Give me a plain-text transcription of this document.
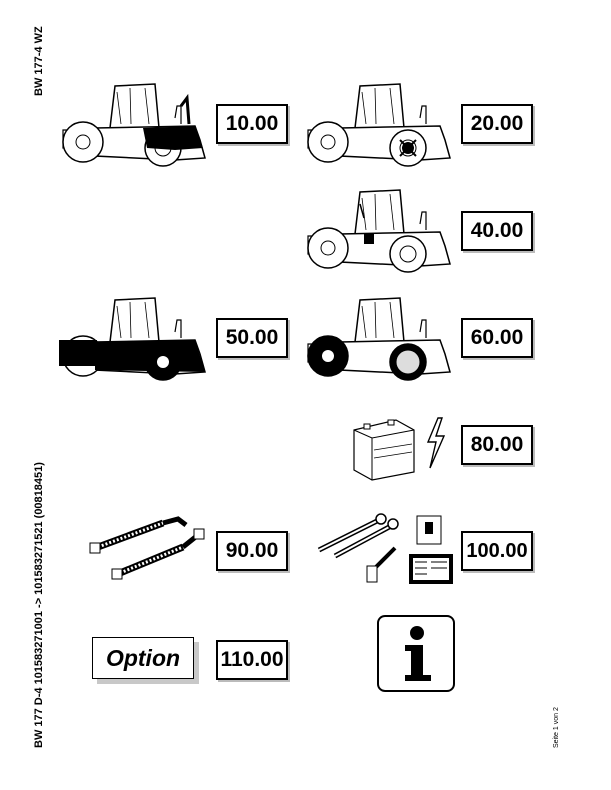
BW 177-4 WZ
BW 177 D-4 101583271001 -> 101583271521 (00818451)	Seite 1 von 2
10.00	20.00
40.00
50.00	60.00
80.00
90.00	100.00
Option	110.00
